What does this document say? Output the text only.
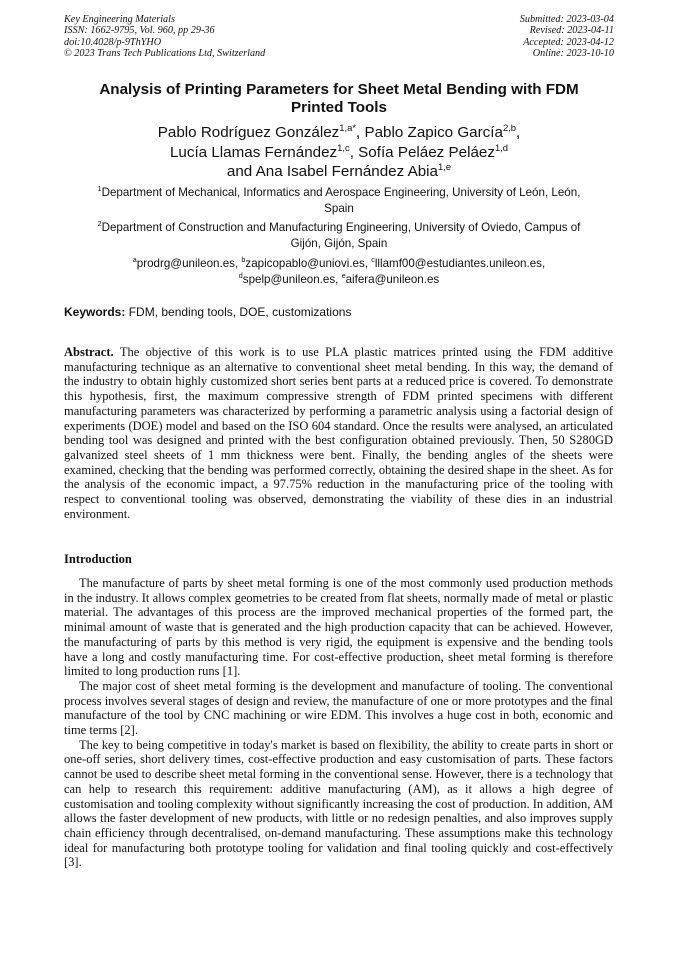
Key Engineering Materials
ISSN: 1662-9795, Vol. 960, pp 29-36
doi:10.4028/p-9ThYHO
© 2023 Trans Tech Publications Ltd, Switzerland
Submitted: 2023-03-04
Revised: 2023-04-11
Accepted: 2023-04-12
Online: 2023-10-10
Analysis of Printing Parameters for Sheet Metal Bending with FDM
Printed Tools
Pablo Rodríguez González$^{1,a*}$, Pablo Zapico García$^{2,b}$,
Lucía Llamas Fernández$^{1,c}$, Sofía Peláez Peláez$^{1,d}$
and Ana Isabel Fernández Abia$^{1,e}$
$^1$Department of Mechanical, Informatics and Aerospace Engineering, University of León, León,
Spain
$^2$Department of Construction and Manufacturing Engineering, University of Oviedo, Campus of
Gijón, Gijón, Spain
$^a$prodrg@unileon.es, $^b$zapicopablo@uniovi.es, $^c$lllamf00@estudiantes.unileon.es,
$^d$spelp@unileon.es, $^e$aifera@unileon.es
Keywords: FDM, bending tools, DOE, customizations
Abstract. The objective of this work is to use PLA plastic matrices printed using the FDM additive manufacturing technique as an alternative to conventional sheet metal bending. In this way, the demand of the industry to obtain highly customized short series bent parts at a reduced price is covered. To demonstrate this hypothesis, first, the maximum compressive strength of FDM printed specimens with different manufacturing parameters was characterized by performing a parametric analysis using a factorial design of experiments (DOE) model and based on the ISO 604 standard. Once the results were analysed, an articulated bending tool was designed and printed with the best configuration obtained previously. Then, 50 S280GD galvanized steel sheets of 1 mm thickness were bent. Finally, the bending angles of the sheets were examined, checking that the bending was performed correctly, obtaining the desired shape in the sheet. As for the analysis of the economic impact, a 97.75% reduction in the manufacturing price of the tooling with respect to conventional tooling was observed, demonstrating the viability of these dies in an industrial environment.
Introduction

The manufacture of parts by sheet metal forming is one of the most commonly used production methods in the industry. It allows complex geometries to be created from flat sheets, normally made of metal or plastic material. The advantages of this process are the improved mechanical properties of the formed part, the minimal amount of waste that is generated and the high production capacity that can be achieved. However, the manufacturing of parts by this method is very rigid, the equipment is expensive and the bending tools have a long and costly manufacturing time. For cost-effective production, sheet metal forming is therefore limited to long production runs [1].

The major cost of sheet metal forming is the development and manufacture of tooling. The conventional process involves several stages of design and review, the manufacture of one or more prototypes and the final manufacture of the tool by CNC machining or wire EDM. This involves a huge cost in both, economic and time terms [2].

The key to being competitive in today's market is based on flexibility, the ability to create parts in short or one-off series, short delivery times, cost-effective production and easy customisation of parts. These factors cannot be used to describe sheet metal forming in the conventional sense. However, there is a technology that can help to research this requirement: additive manufacturing (AM), as it allows a high degree of customisation and tooling complexity without significantly increasing the cost of production. In addition, AM allows the faster development of new products, with little or no redesign penalties, and also improves supply chain efficiency through decentralised, on-demand manufacturing. These assumptions make this technology ideal for manufacturing both prototype tooling for validation and final tooling quickly and cost-effectively [3].
